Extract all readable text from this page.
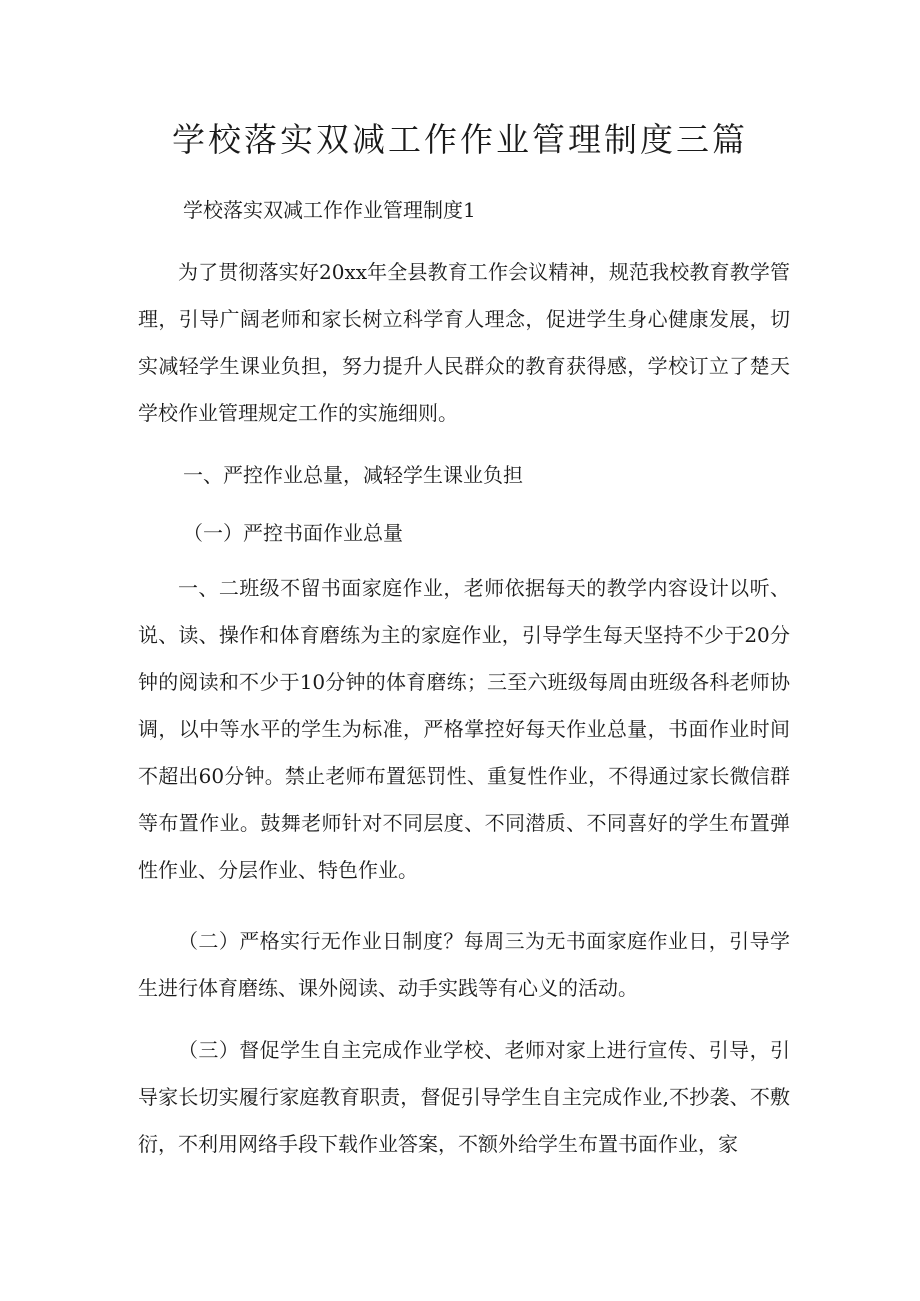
学校落实双减工作作业管理制度三篇
学校落实双减工作作业管理制度1

为了贯彻落实好20xx年全县教育工作会议精神，规范我校教育教学管理，引导广阔老师和家长树立科学育人理念，促进学生身心健康发展，切实减轻学生课业负担，努力提升人民群众的教育获得感，学校订立了楚天学校作业管理规定工作的实施细则。

一、严控作业总量，减轻学生课业负担
（一）严控书面作业总量

一、二班级不留书面家庭作业，老师依据每天的教学内容设计以听、说、读、操作和体育磨练为主的家庭作业，引导学生每天坚持不少于20分钟的阅读和不少于10分钟的体育磨练；三至六班级每周由班级各科老师协调，以中等水平的学生为标准，严格掌控好每天作业总量，书面作业时间不超出60分钟。禁止老师布置惩罚性、重复性作业，不得通过家长微信群等布置作业。鼓舞老师针对不同层度、不同潜质、不同喜好的学生布置弹性作业、分层作业、特色作业。

（二）严格实行无作业日制度？每周三为无书面家庭作业日，引导学生进行体育磨练、课外阅读、动手实践等有心义的活动。

（三）督促学生自主完成作业学校、老师对家上进行宣传、引导，引导家长切实履行家庭教育职责，督促引导学生自主完成作业,不抄袭、不敷衍，不利用网络手段下载作业答案，不额外给学生布置书面作业，家
